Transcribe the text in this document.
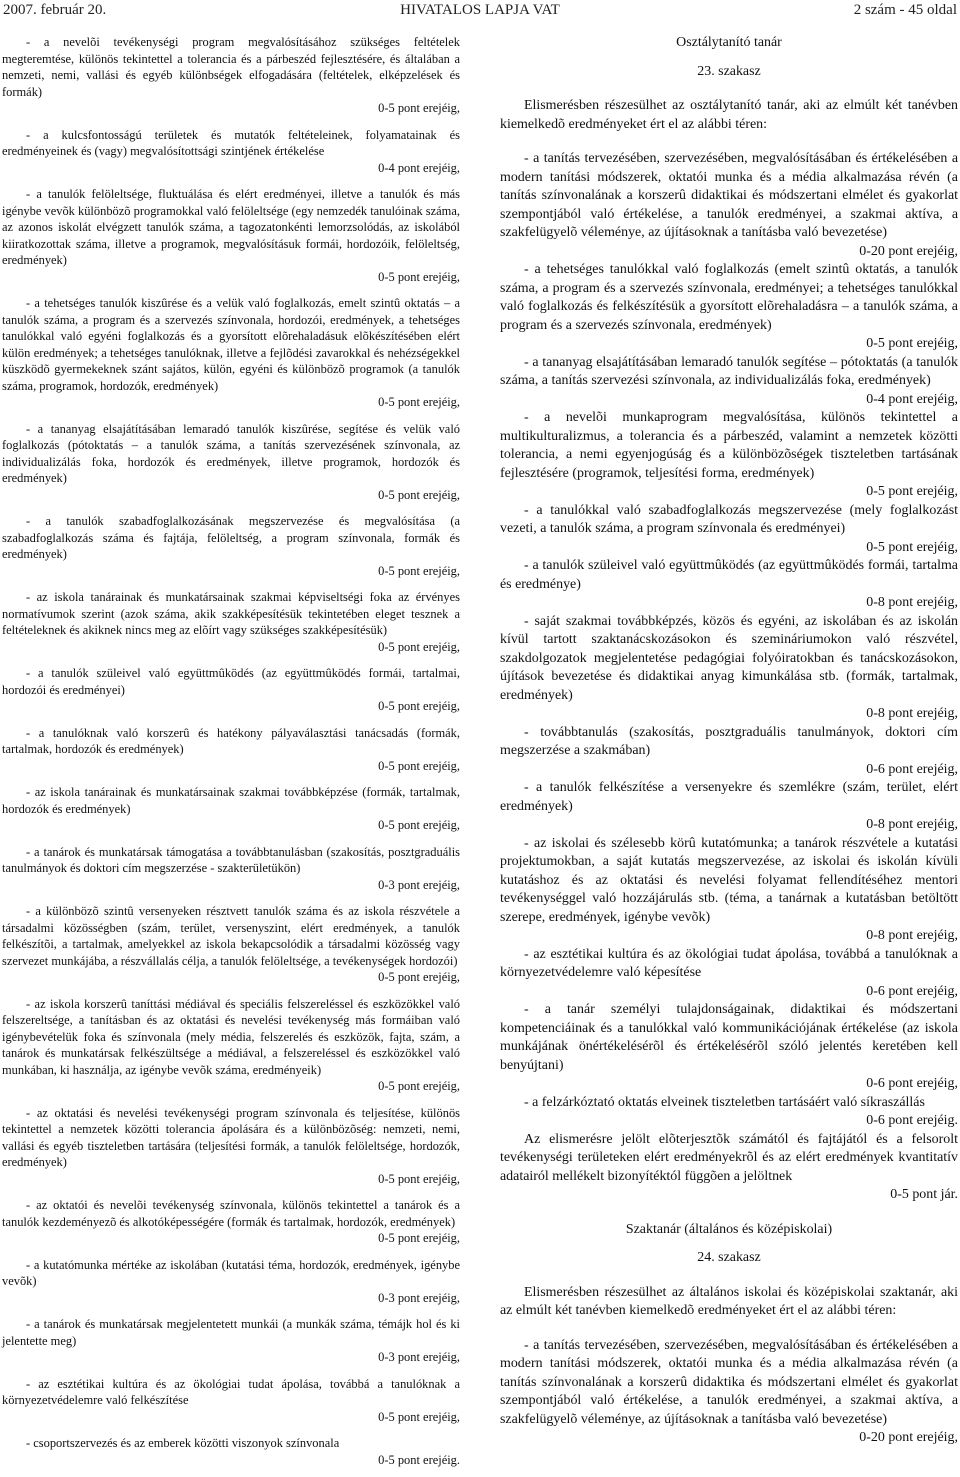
2007. február 20.	HIVATALOS LAPJA VAT	2 szám - 45 oldal

- a nevelõi tevékenységi program megvalósításához szükséges feltételek megteremtése, különös tekintettel a tolerancia és a párbeszéd fejlesztésére, és általában a nemzeti, nemi, vallási és egyéb különbségek elfogadására (feltételek, elképzelések és formák)

0-5 pont erejéig,

- a kulcsfontosságú területek és mutatók feltételeinek, folyamatainak és eredményeinek és (vagy) megvalósítottsági szintjének értékelése

0-4 pont erejéig,

- a tanulók felöleltsége, fluktuálása és elért eredményei, illetve a tanulók és más igénybe vevõk különbözõ programokkal való felöleltsége (egy nemzedék tanulóinak száma, az azonos iskolát elvégzett tanulók száma, a tagozatonkénti lemorzsolódás, az iskolából kiiratkozottak száma, illetve a programok, megvalósításuk formái, hordozóik, felöleltség, eredmények)

0-5 pont erejéig,

- a tehetséges tanulók kiszûrése és a velük való foglalkozás, emelt szintû oktatás – a tanulók száma, a program és a szervezés színvonala, hordozói, eredmények, a tehetséges tanulókkal való egyéni foglalkozás és a gyorsított elõrehaladásuk elõkészítésében elért külön eredmények; a tehetséges tanulóknak, illetve a fejlõdési zavarokkal és nehézségekkel küszködõ gyermekeknek szánt sajátos, külön, egyéni és különbözõ programok (a tanulók száma, programok, hordozók, eredmények)

0-5 pont erejéig,

- a tananyag elsajátításában lemaradó tanulók kiszûrése, segítése és velük való foglalkozás (pótoktatás – a tanulók száma, a tanítás szervezésének színvonala, az individualizálás foka, hordozók és eredmények, illetve programok, hordozók és eredmények)

0-5 pont erejéig,

- a tanulók szabadfoglalkozásának megszervezése és megvalósítása (a szabadfoglalkozás száma és fajtája, felöleltség, a program színvonala, formák és eredmények)

0-5 pont erejéig,

- az iskola tanárainak és munkatársainak szakmai képviseltségi foka az érvényes normatívumok szerint (azok száma, akik szakképesítésük tekintetében eleget tesznek a feltételeknek és akiknek nincs meg az elõírt vagy szükséges szakképesítésük)

0-5 pont erejéig,

- a tanulók szüleivel való együttmûködés (az együttmûködés formái, tartalmai, hordozói és eredményei)

0-5 pont erejéig,

- a tanulóknak való korszerû és hatékony pályaválasztási tanácsadás (formák, tartalmak, hordozók és eredmények)

0-5 pont erejéig,

- az iskola tanárainak és munkatársainak szakmai továbbképzése (formák, tartalmak, hordozók és eredmények)

0-5 pont erejéig,

- a tanárok és munkatársak támogatása a továbbtanulásban (szakosítás, posztgraduális tanulmányok és doktori cím megszerzése - szakterületükön)

0-3 pont erejéig,

- a különbözõ szintû versenyeken résztvett tanulók száma és az iskola részvétele a társadalmi közösségben (szám, terület, versenyszint, elért eredmények, a tanulók felkészítõi, a tartalmak, amelyekkel az iskola bekapcsolódik a társadalmi közösség vagy szervezet munkájába, a részvállalás célja, a tanulók felöleltsége, a tevékenységek hordozói)

0-5 pont erejéig,

- az iskola korszerû taníttási médiával és speciális felszereléssel és eszközökkel való felszereltsége, a tanításban és az oktatási és nevelési tevékenység más formáiban való igénybevételük foka és színvonala (mely média, felszerelés és eszközök, fajta, szám, a tanárok és munkatársak felkészültsége a médiával, a felszereléssel és eszközökkel való munkában, ki használja, az igénybe vevõk száma, eredményeik)

0-5 pont erejéig,

- az oktatási és nevelési tevékenységi program színvonala és teljesítése, különös tekintettel a nemzetek közötti tolerancia ápolására és a különbözõség: nemzeti, nemi, vallási és egyéb tiszteletben tartására (teljesítési formák, a tanulók felöleltsége, hordozók, eredmények)

0-5 pont erejéig,

- az oktatói és nevelõi tevékenység színvonala, különös tekintettel a tanárok és a tanulók kezdeményezõ és alkotóképességére (formák és tartalmak, hordozók, eredmények)

0-5 pont erejéig,

- a kutatómunka mértéke az iskolában (kutatási téma, hordozók, eredmények, igénybe vevõk)

0-3 pont erejéig,

- a tanárok és munkatársak megjelentetett munkái (a munkák száma, témájk hol és ki jelentette meg)

0-3 pont erejéig,

- az esztétikai kultúra és az ökológiai tudat ápolása, továbbá a tanulóknak a környezetvédelemre való felkészítése

0-5 pont erejéig,

- csoportszervezés és az emberek közötti viszonyok színvonala

0-5 pont erejéig.

Osztálytanító tanár

23. szakasz

Elismerésben részesülhet az osztálytanító tanár, aki az elmúlt két tanévben kiemelkedõ eredményeket ért el az alábbi téren:

- a tanítás tervezésében, szervezésében, megvalósításában és értékelésében a modern tanítási módszerek, oktatói munka és a média alkalmazása révén (a tanítás színvonalának a korszerû didaktikai és módszertani elmélet és gyakorlat szempontjából való értékelése, a tanulók eredményei, a szakmai aktíva, a szakfelügyelõ véleménye, az újításoknak a tanításba való bevezetése)

0-20 pont erejéig,

- a tehetséges tanulókkal való foglalkozás (emelt szintû oktatás, a tanulók száma, a program és a szervezés színvonala, eredményei; a tehetséges tanulókkal való foglalkozás és felkészítésük a gyorsított elõrehaladásra – a tanulók száma, a program és a szervezés színvonala, eredmények)

0-5 pont erejéig,

- a tananyag elsajátításában lemaradó tanulók segítése – pótoktatás (a tanulók száma, a tanítás szervezési színvonala, az individualizálás foka, eredmények)

0-4 pont erejéig,

- a nevelõi munkaprogram megvalósítása, különös tekintettel a multikulturalizmus, a tolerancia és a párbeszéd, valamint a nemzetek közötti tolerancia, a nemi egyenjogúság és a különbözõségek tiszteletben tartásának fejlesztésére (programok, teljesítési forma, eredmények)

0-5 pont erejéig,

- a tanulókkal való szabadfoglalkozás megszervezése (mely foglalkozást vezeti, a tanulók száma, a program színvonala és eredményei)

0-5 pont erejéig,

- a tanulók szüleivel való együttmûködés (az együttmûködés formái, tartalma és eredménye)

0-8 pont erejéig,

- saját szakmai továbbképzés, közös és egyéni, az iskolában és az iskolán kívül tartott szaktanácskozásokon és szemináriumokon való részvétel, szakdolgozatok megjelentetése pedagógiai folyóiratokban és tanácskozásokon, újítások bevezetése és didaktikai anyag kimunkálása stb. (formák, tartalmak, eredmények)

0-8 pont erejéig,

- továbbtanulás (szakosítás, posztgraduális tanulmányok, doktori cím megszerzése a szakmában)

0-6 pont erejéig,

- a tanulók felkészítése a versenyekre és szemlékre (szám, terület, elért eredmények)

0-8 pont erejéig,

- az iskolai és szélesebb körû kutatómunka; a tanárok részvétele a kutatási projektumokban, a saját kutatás megszervezése, az iskolai és iskolán kívüli kutatáshoz és az oktatási és nevelési folyamat fellendítéséhez mentori tevékenységgel való hozzájárulás stb. (téma, a tanárnak a kutatásban betöltött szerepe, eredmények, igénybe vevõk)

0-8 pont erejéig,

- az esztétikai kultúra és az ökológiai tudat ápolása, továbbá a tanulóknak a környezetvédelemre való képesítése

0-6 pont erejéig,

- a tanár személyi tulajdonságainak, didaktikai és módszertani kompetenciáinak és a tanulókkal való kommunikációjának értékelése (az iskola munkájának önértékelésérõl és értékelésérõl szóló jelentés keretében kell benyújtani)

0-6 pont erejéig,

- a felzárkóztató oktatás elveinek tiszteletben tartásáért való síkraszállás

0-6 pont erejéig.

Az elismerésre jelölt elõterjesztõk számától és fajtájától és a felsorolt tevékenységi területeken elért eredményekrõl és az elért eredmények kvantitatív adatairól mellékelt bizonyítéktól függõen a jelöltnek

0-5 pont jár.

Szaktanár (általános és középiskolai)

24. szakasz

Elismerésben részesülhet az általános iskolai és középiskolai szaktanár, aki az elmúlt két tanévben kiemelkedõ eredményeket ért el az alábbi téren:

- a tanítás tervezésében, szervezésében, megvalósításában és értékelésében a modern tanítási módszerek, oktatói munka és a média alkalmazása révén (a tanítás színvonalának a korszerû didaktika és módszertani elmélet és gyakorlat szempontjából való értékelése, a tanulók eredményei, a szakmai aktíva, a szakfelügyelõ véleménye, az újításoknak a tanításba való bevezetése)

0-20 pont erejéig,
